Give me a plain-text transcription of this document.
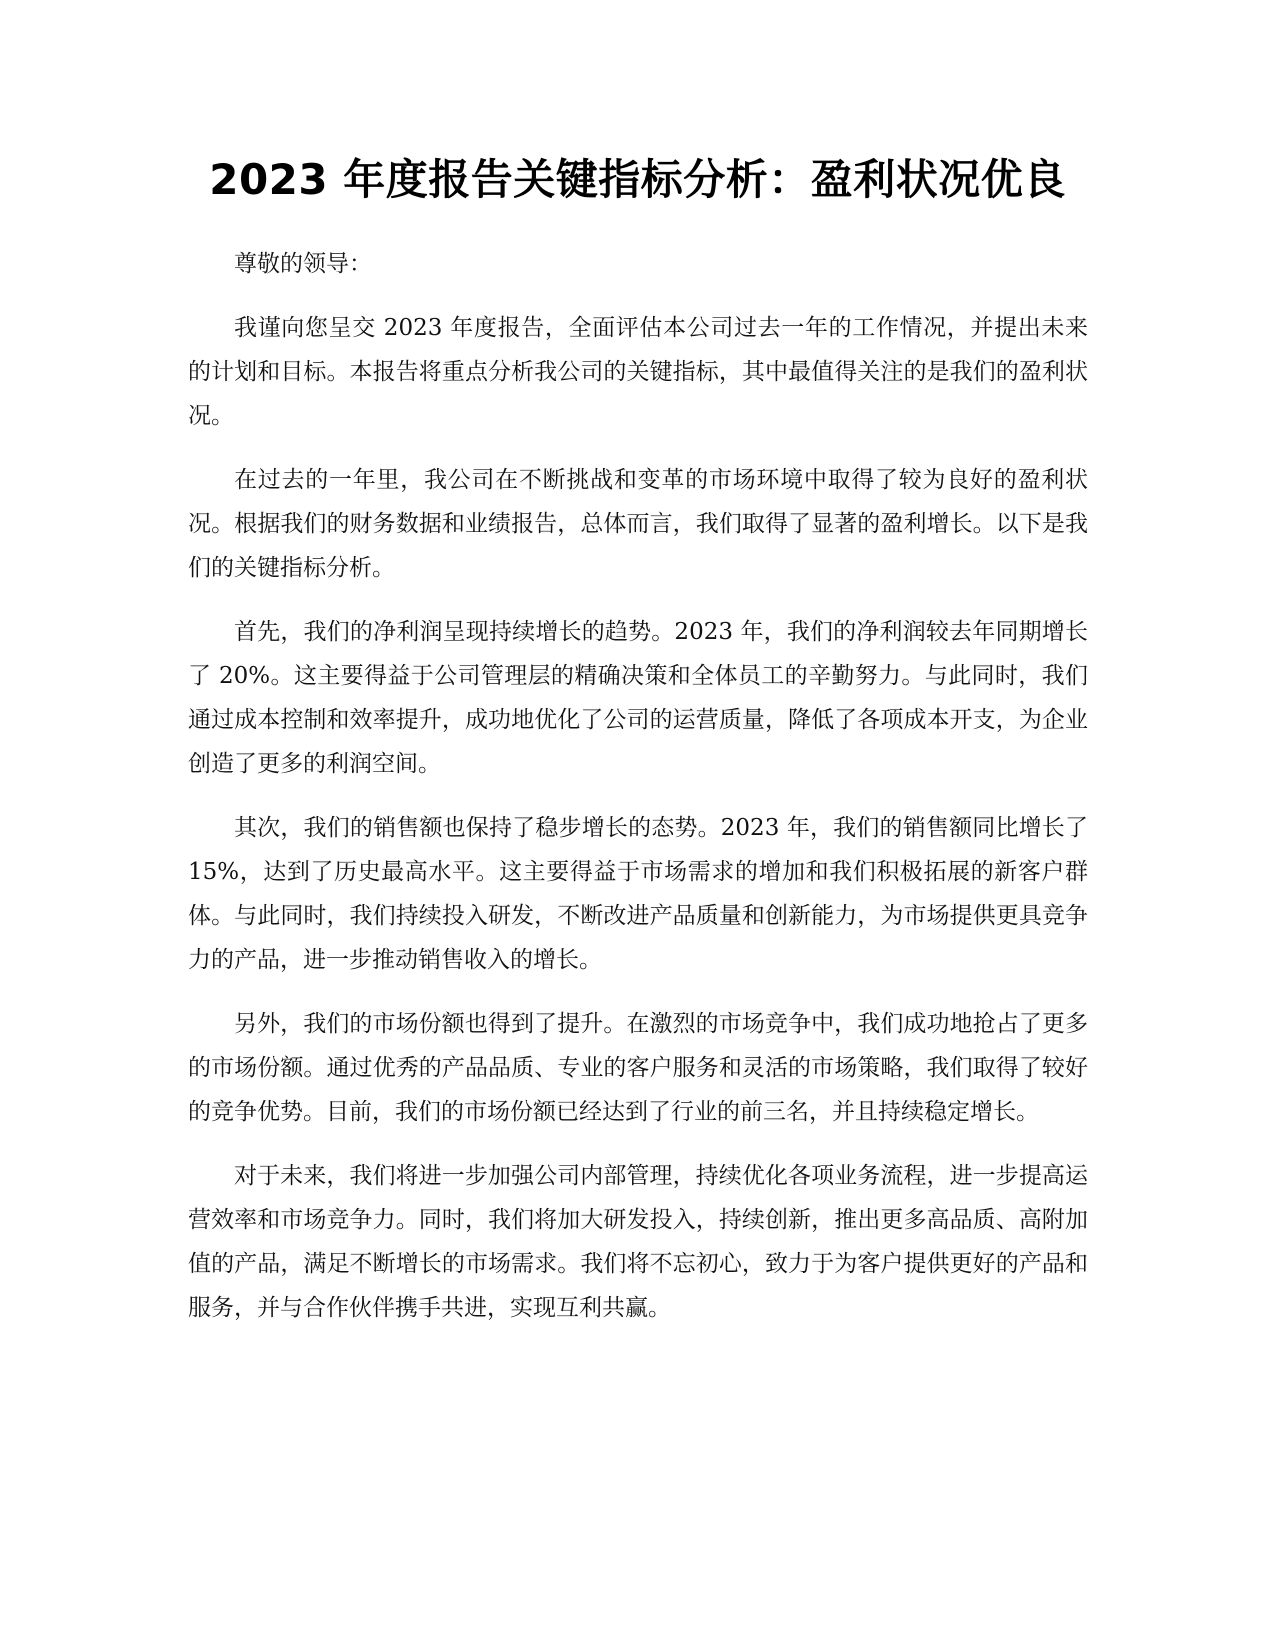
2023 年度报告关键指标分析：盈利状况优良

尊敬的领导：

我谨向您呈交 2023 年度报告，全面评估本公司过去一年的工作情况，并提出未来的计划和目标。本报告将重点分析我公司的关键指标，其中最值得关注的是我们的盈利状况。

在过去的一年里，我公司在不断挑战和变革的市场环境中取得了较为良好的盈利状况。根据我们的财务数据和业绩报告，总体而言，我们取得了显著的盈利增长。以下是我们的关键指标分析。

首先，我们的净利润呈现持续增长的趋势。2023 年，我们的净利润较去年同期增长了 20%。这主要得益于公司管理层的精确决策和全体员工的辛勤努力。与此同时，我们通过成本控制和效率提升，成功地优化了公司的运营质量，降低了各项成本开支，为企业创造了更多的利润空间。

其次，我们的销售额也保持了稳步增长的态势。2023 年，我们的销售额同比增长了 15%，达到了历史最高水平。这主要得益于市场需求的增加和我们积极拓展的新客户群体。与此同时，我们持续投入研发，不断改进产品质量和创新能力，为市场提供更具竞争力的产品，进一步推动销售收入的增长。

另外，我们的市场份额也得到了提升。在激烈的市场竞争中，我们成功地抢占了更多的市场份额。通过优秀的产品品质、专业的客户服务和灵活的市场策略，我们取得了较好的竞争优势。目前，我们的市场份额已经达到了行业的前三名，并且持续稳定增长。

对于未来，我们将进一步加强公司内部管理，持续优化各项业务流程，进一步提高运营效率和市场竞争力。同时，我们将加大研发投入，持续创新，推出更多高品质、高附加值的产品，满足不断增长的市场需求。我们将不忘初心，致力于为客户提供更好的产品和服务，并与合作伙伴携手共进，实现互利共赢。
